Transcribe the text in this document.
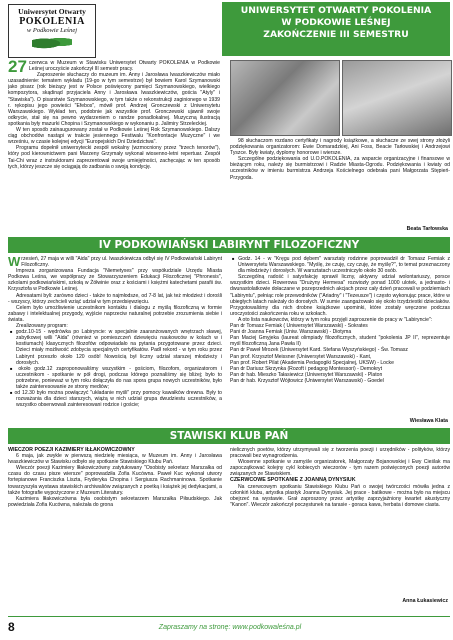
Uniwersytet Otwarty
POKOLENIA
w Podkowie Leśnej
UNIWERSYTET OTWARTY POKOLENIA
W PODKOWIE LEŚNEJ
ZAKOŃCZENIE III SEMESTRU

27 czerwca w Muzeum w Stawisku Uniwersytet Otwarty POKOLENIA w Podkowie Leśnej uroczyście zakończył III semestr pracy.

Zaproszenie słuchaczy do muzeum im. Anny i Jarosława Iwaszkiewiczów miało uzasadnienie: tematem wykładu (19-go w tym semestrze) był bowiem Karol Szymanowski jako pisarz (rok bieżący jest w Polsce poświęcony pamięci Szymanowskiego, wielkiego kompozytora, skądinąd przyjaciela Anny i Jarosława Iwaszkiewiczów, gościa "Atyly" i "Stawiska"). O pisarstwie Szymanowskiego, w tym także o rekonstrukcji zaginionego w 1939 r. rękopisu jego powieści "Efebos", mówił prof. Andrzej Gronczewski z Uniwersytetu Warszawskiego. Wykład ten, podobnie jak wszystkie prof. Gronczewski ujawnił swoje odkrycie, stał się na pewno wydarzeniem o randze ponadlokalnej. Muzyczną ilustracją spotkania były mazurki Chopina i Szymanowskiego w wykonaniu p. Jalimiry Strzeleckiej.

W ten sposób zainaugurowany został w Podkowie Leśnej Rok Szymanowskiego. Dalszy ciąg obchodów nastąpi w trakcie jesiennego Festiwalu "Konfrontacje Muzyczne" i we wrześniu, w czasie kolejnej edycji "Europejskich Dni Dziedzictwa".

Programu dopełnił uniwersytecki zespół wokalny (wzmocniony przez "trzech tenorów"), który pod kierownictwem pani Marzeny Grzymały wykonał wiosenno-letni repertuar. Zespół Tai-Chi wraz z instruktorami zaprezentował swoje umiejętności, zachęcając w ten sposób tych, którzy jeszcze się ociągają do zadbania o swoją kondycję.

98 słuchaczom rozdano certyfikaty i nagrody książkowe, a słuchacze ze swej strony złożyli podziękowania organizatorom: Ewie Domaradzkiej, Ani Foss, Beacie Tarłowskiej i Andrzejowi Tyszce. Były kwiaty, dyplomy honorowe i wierszе.

Szczególne podziękowania od U.O.POKOLENIA, za wsparcie organizacyjne i finansowe w bieżącym roku, należy się burmistrzowi i Radzie Miasta-Ogrodu. Podziękowania i kwiaty od uczestników w imieniu burmistrza Andrzeja Kościelnego odebrała pani Małgorzata Stępień-Przygoda.

Beata Tarłowska
IV PODKOWIAŃSKI LABIRYNT FILOZOFICZNY

Wrzesień, 27 maja w willi "Aida" przy ul. Iwaszkiewicza odbył się IV Podkowiański Labirynt Filozoficzny.

Impreza zorganizowana Fundacja "Niemetyxes" przy współudziale Urzędu Miasta Podkowa Leśna, we współpracy ze Stowarzyszeniem Edukacji Filozoficznej "Phronesis", szkolami podkowiańskimi, szkołą w Żółwinie oraz z kościami i księżmi katechetami parafii św. Krzysztofa w Podkowie Leśnej.

Adresatami byli: zarówno dzieci - także to najmłodsze, od 7-8 lat, jak też młodzież i dorośli - wszyscy, którzy zechcieli wziąć udział w tym przedsięwzięciu.

Celem było umożliwienie uczestnikom kontaktu i dialogu z myślą filozoficzną w formie zabawy i intelektualnej przygody, wyjście naprzeciw naturalnej potrzebie zrozumienia siebie i świata.

Zrealizowany program:

■ godz.10-15 - wędrówka po Labiryncie: w specjalnie zaaranżowanych wnętrzach sławej, zabytkowej willi "Aida" (również w pomieszczeń dziewięciu naukowców w kolach w i kostiumach) klasycznych filozofów odpowiadało na pytania przygotowane przez dzieci. Dzieci miały możliwość zdobycia specjalnych certyfikatów. Padł rekord - w tym roku przez Labirynt przeszło około 120 osób! Nowością był liczny udział starszej młodzieży i dorosłych.

■ około godz.12 zaproponowaliśmy wszystkim - gościom, filozofom, organizatorom i uczestnikom - spotkanie w pół drogi, podczas którego poznaliśmy się bliżej; było to potrzebne, ponieważ w tym roku dołączyła do nas spora grupa nowych uczestników, było także zainteresowanie ze strony mediów;

■ od 12.30 było można powłączyć "układanie myśli" przy pomocy kawałków drewna. Były to rozważania dla dzieci starszych, wiążą w nich udział grupa dwudziestu uczestników, a wszystko obserwowali zainteresowani rodzice i goście;

■ Godz. 14 - w "Kręgu pod dębem" warsztaty rodzinne poprowadził dr Tomasz Femiak z Uniwersytetu Warszawskiego. "Myślę, że czuję, czy czuję, że myślę?", to temat przeznaczony dla młodzieży i dorosłych. W warsztatach uczestniczyło około 30 osób.

Szczególną radość i satysfakcję sprawił liczny, aktywny udział wolontariuszy, porsce wszystkim dzieci. Rowerowa "Drużyny Hermesa" rozwiozły ponad 1000 ulotek, a jednasto- i dwunastolatkowie dołaczane w pozeprzednich akcjach przez cały dzień pracowali w podziemiach "Labiryntu", pełniąc role przewodników ("Ariadny" i "Tezeusze") i często wykonując prace, które w ubiegłych latach należały do dorosłych. W sumie zaangażowało się około trzydziestki dzieciaków. Przygotowaliśmy dla nich drobne książkowe upominki, które zostały wręczone podczas uroczystości zakończenia roku w szkołach.

A oto lista naukowców, którzy w tym roku przyjęli zaproszenie do pracy w "Labiryncie":

Pan dr Tomasz Femiak ( Uniwersytet Warszawski) - Sokrates

Pani dr Joanna Femiak (Uniw. Warszawski) - Diotyma

Pan Maciej Gmyjeka (laureat olimpiady filozoficznych, student "pokoleniа JP II", reprezentuje myśl filozoficzną Jana Pawła II)

Pan dr Paweł Mrozek (Uniwersytet Kard. Stefana Wyszyńskiego) - Św. Tomasz

Pan prof. Krzysztof Meissner (Uniwersytet Warszawski) - Kant,

Pan prof. Robert Pilat (Akademia Pedagogiki Specjalnej, UKSW) - Locke

Pan dr Dariusz Skrzynka (Rozoft i pedagog Montessori) - Demokryt

Pan dr hab. Mieszko Tałasiewicz (Uniwersytet Warszawski) - Platon

Pan dr hab. Krzysztof Wójtowicz (Uniwersytet Warszawski) - Goedel

Wiesława Klata
STAWISKI KLUB PAŃ

WIECZÓR POEZJI KAZIMIERY IŁŁAKOWICZÓWNY

6 maja, jak zwykle w pierwszą niedzielę miesiąca, w Muzeum im. Anny i Jarosława Iwaszkiewiczów w Stawisku odbyło się spotkanie Stawiskiego Klubu Pań.

Wieczór poezji Kazimiery Iłłakowiczówny zatytułowany "Osobisty sekretarz Marszałka od czasu do czasu pisze wiersze" poprowadziła Zofia Kucówna. Paweł Kuc wykonał utwory fortepianowe Franciszka Liszta, Fryderyka Chopina i Sergiusza Rachmaninowa. Spotkanie towarzyszyła wystawa stawiskich archiwaliów związanych z poetką i książek jej dedykacjami, a także fotografie wypożyczone z Muzeum Literatury.

Kazimiera Iłłakowiczówna była osobistym sekretarzem Marszałka Piłsudskiego. Jak powiedziała Zofia Kucówna, należała do grona

nielicznych poetów, którzy utrzymywali się z tworzenia poezji i urzędników - polityków, którzy pracowali bez wynagrodzenia.

Wiosenne spotkanie w zamyśle organizatorek, Małgorzaty Bojanowskiej i Ewy Cieślak ma zapoczątkować kolejny cykl kobiecych wieczorów - tym razem poświęconych poezji autorów związanych ze Stawiskiem.

CZERWCOWE SPOTKANIE Z JOANNĄ DYNYSIUK

Na czerwcowym spotkaniu Stawiskiego Klubu Pań o swojej twórczości mówiła jedna z członkiń klubu, artystka plastyk Joanna Dynysiuk. Jej prace - batikowe - można było na miejscu obejrzeć na wystawie. Grał zaproszony przez artystkę zaprzyjaźniony kwartet akustyczny "Kanon". Wieczór zakończył poczęstunek na tarasie - goraca kawa, herbata i domowe ciasta.

Anna Łukasiewicz
8	Zapraszamy na stronę: www.podkowaleśna.pl
